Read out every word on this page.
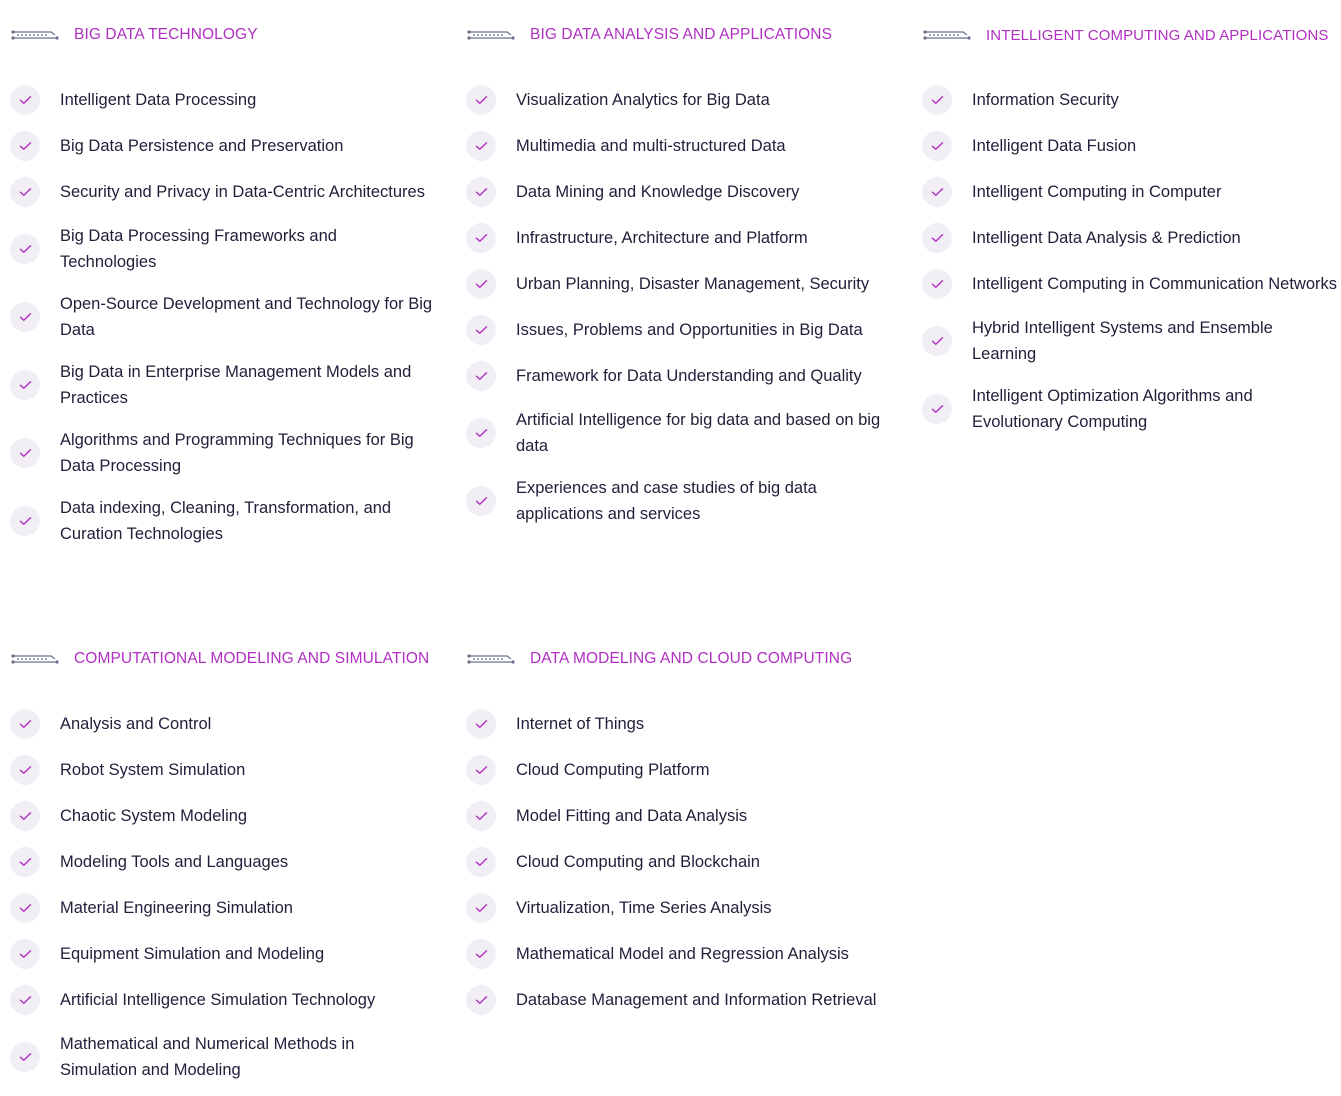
BIG DATA TECHNOLOGY
Intelligent Data Processing
Big Data Persistence and Preservation
Security and Privacy in Data-Centric Architectures
Big Data Processing Frameworks and Technologies
Open-Source Development and Technology for Big Data
Big Data in Enterprise Management Models and Practices
Algorithms and Programming Techniques for Big Data Processing
Data indexing, Cleaning, Transformation, and Curation Technologies
BIG DATA ANALYSIS AND APPLICATIONS
Visualization Analytics for Big Data
Multimedia and multi-structured Data
Data Mining and Knowledge Discovery
Infrastructure, Architecture and Platform
Urban Planning, Disaster Management, Security
Issues, Problems and Opportunities in Big Data
Framework for Data Understanding and Quality
Artificial Intelligence for big data and based on big data
Experiences and case studies of big data applications and services
INTELLIGENT COMPUTING AND APPLICATIONS
Information Security
Intelligent Data Fusion
Intelligent Computing in Computer
Intelligent Data Analysis & Prediction
Intelligent Computing in Communication Networks
Hybrid Intelligent Systems and Ensemble Learning
Intelligent Optimization Algorithms and Evolutionary Computing
COMPUTATIONAL MODELING AND SIMULATION
Analysis and Control
Robot System Simulation
Chaotic System Modeling
Modeling Tools and Languages
Material Engineering Simulation
Equipment Simulation and Modeling
Artificial Intelligence Simulation Technology
Mathematical and Numerical Methods in Simulation and Modeling
DATA MODELING AND CLOUD COMPUTING
Internet of Things
Cloud Computing Platform
Model Fitting and Data Analysis
Cloud Computing and Blockchain
Virtualization, Time Series Analysis
Mathematical Model and Regression Analysis
Database Management and Information Retrieval
